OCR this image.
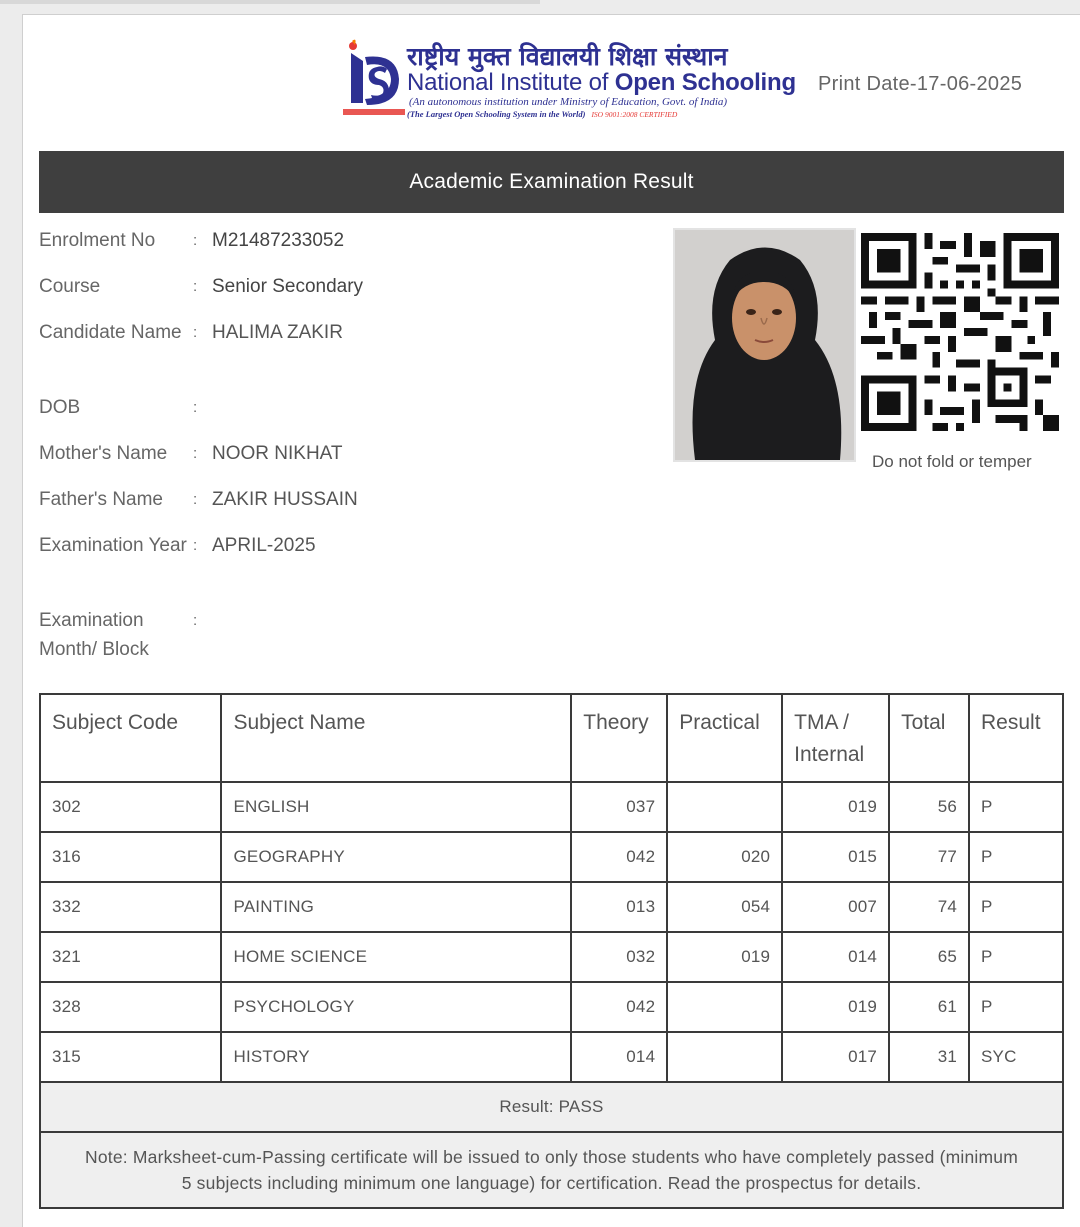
राष्ट्रीय मुक्त विद्यालयी शिक्षा संस्थान
National Institute of Open Schooling
(An autonomous institution under Ministry of Education, Govt. of India)
(The Largest Open Schooling System in the World) ISO 9001:2008 CERTIFIED
Print Date-17-06-2025
Academic Examination Result
Enrolment No	: M21487233052
Course	: Senior Secondary
Candidate Name : HALIMA ZAKIR
DOB	:
Mother's Name	: NOOR NIKHAT
Father's Name	: ZAKIR HUSSAIN
Examination Year : APRIL-2025
Examination Month/ Block
:
Do not fold or temper
Subject Code	Subject Name	Theory	Practical	TMA / Internal	Total	Result
302	ENGLISH	037		019	56	P
316	GEOGRAPHY	042	020	015	77	P
332	PAINTING	013	054	007	74	P
321	HOME SCIENCE	032	019	014	65	P
328	PSYCHOLOGY	042		019	61	P
315	HISTORY	014		017	31	SYC
Result: PASS						
Note: Marksheet-cum-Passing certificate will be issued to only those students who have completely passed (minimum 5 subjects including minimum one language) for certification. Read the prospectus for details.						
